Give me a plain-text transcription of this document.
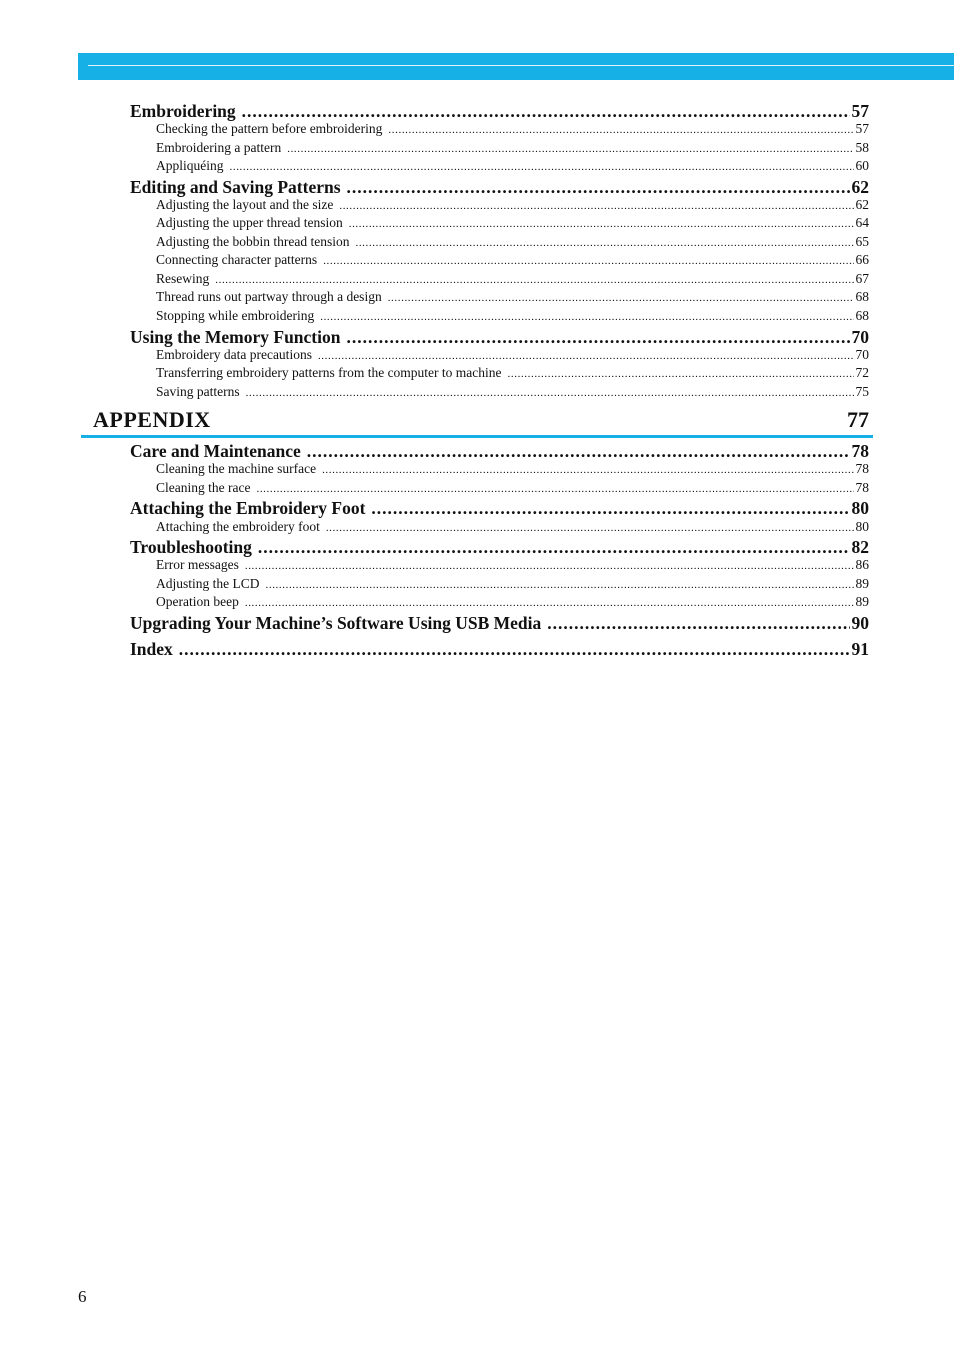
Embroidering .....	57
Checking the pattern before embroidering .....	57
Embroidering a pattern .....	58
Appliquéing .....	60
Editing and Saving Patterns .....	62
Adjusting the layout and the size .....	62
Adjusting the upper thread tension .....	64
Adjusting the bobbin thread tension .....	65
Connecting character patterns .....	66
Resewing .....	67
Thread runs out partway through a design .....	68
Stopping while embroidering .....	68
Using the Memory Function .....	70
Embroidery data precautions .....	70
Transferring embroidery patterns from the computer to machine .....	72
Saving patterns .....	75
APPENDIX	77
Care and Maintenance .....	78
Cleaning the machine surface .....	78
Cleaning the race .....	78
Attaching the Embroidery Foot .....	80
Attaching the embroidery foot .....	80
Troubleshooting .....	82
Error messages .....	86
Adjusting the LCD .....	89
Operation beep .....	89
Upgrading Your Machine’s Software Using USB Media .....	90
Index .....	91
6
